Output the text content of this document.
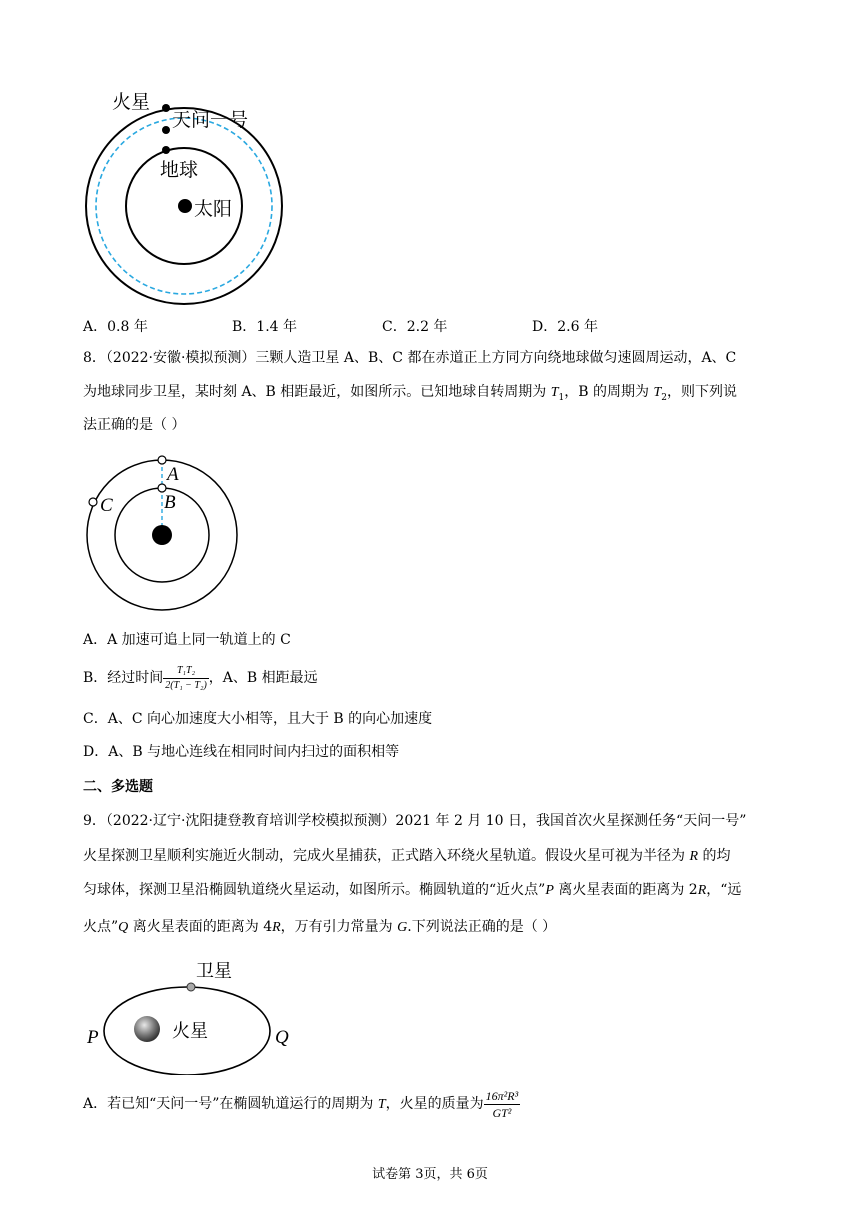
火星
天问一号
地球
太阳
A．0.8 年	B．1.4 年	C．2.2 年	D．2.6 年
8．（2022·安徽·模拟预测）三颗人造卫星 A、B、C 都在赤道正上方同方向绕地球做匀速圆周运动，A、C
为地球同步卫星，某时刻 A、B 相距最近，如图所示。已知地球自转周期为 $T_1$，B 的周期为 $T_2$，则下列说
法正确的是（ ）
A
B
C
A．A 加速可追上同一轨道上的 C
B．经过时间 $\frac{\text{T₁T₂}}{\text{2(T₁ − T₂)}}$ ，A、B 相距最远
C．A、C 向心加速度大小相等，且大于 B 的向心加速度
D．A、B 与地心连线在相同时间内扫过的面积相等
二、多选题
9．（2022·辽宁·沈阳捷登教育培训学校模拟预测）2021 年 2 月 10 日，我国首次火星探测任务“天问一号”
火星探测卫星顺利实施近火制动，完成火星捕获，正式踏入环绕火星轨道。假设火星可视为半径为 R 的均
匀球体，探测卫星沿椭圆轨道绕火星运动，如图所示。椭圆轨道的“近火点”P 离火星表面的距离为 2R，“远
火点”Q 离火星表面的距离为 4R，万有引力常量为 G.下列说法正确的是（ ）
卫星
火星
P	Q
A．若已知“天问一号”在椭圆轨道运行的周期为 T，火星的质量为 $\frac{\text{16π²R³}}{\text{GT²}}$
试卷第 3页，共 6页
